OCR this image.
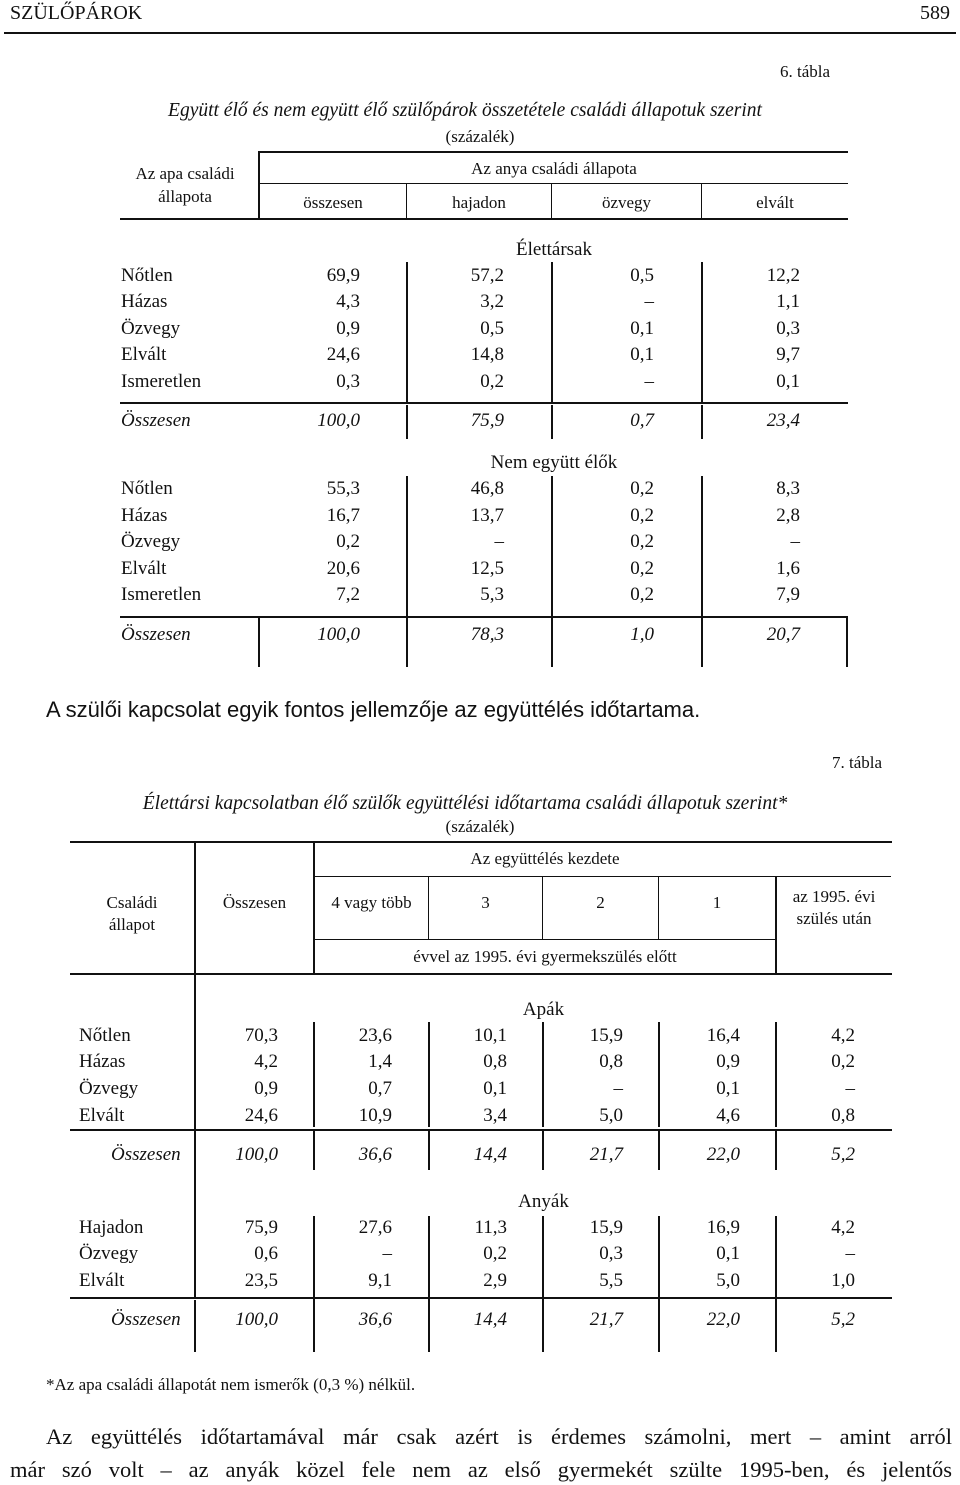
SZÜLŐPÁROK	589
6. tábla
Együtt élő és nem együtt élő szülőpárok összetétele családi állapotuk szerint
(százalék)
Az apa családi
állapota
Az anya családi állapota
összesen	hajadon	özvegy	elvált
Élettársak
Nőtlen	69,9	57,2	0,5	12,2
Házas	4,3	3,2	–	1,1
Özvegy	0,9	0,5	0,1	0,3
Elvált	24,6	14,8	0,1	9,7
Ismeretlen	0,3	0,2	–	0,1
Összesen	100,0	75,9	0,7	23,4
Nem együtt élők
Nőtlen	55,3	46,8	0,2	8,3
Házas	16,7	13,7	0,2	2,8
Özvegy	0,2	–	0,2	–
Elvált	20,6	12,5	0,2	1,6
Ismeretlen	7,2	5,3	0,2	7,9
Összesen	100,0	78,3	1,0	20,7
A szülői kapcsolat egyik fontos jellemzője az együttélés időtartama.
7. tábla
Élettársi kapcsolatban élő szülők együttélési időtartama családi állapotuk szerint*
(százalék)
Családi
állapot
Összesen
Az együttélés kezdete
4 vagy több	3	2	1	az 1995. évi
szülés után
évvel az 1995. évi gyermekszülés előtt
Apák
Nőtlen	70,3	23,6	10,1	15,9	16,4	4,2
Házas	4,2	1,4	0,8	0,8	0,9	0,2
Özvegy	0,9	0,7	0,1	–	0,1	–
Elvált	24,6	10,9	3,4	5,0	4,6	0,8
Összesen	100,0	36,6	14,4	21,7	22,0	5,2
Anyák
Hajadon	75,9	27,6	11,3	15,9	16,9	4,2
Özvegy	0,6	–	0,2	0,3	0,1	–
Elvált	23,5	9,1	2,9	5,5	5,0	1,0
Összesen	100,0	36,6	14,4	21,7	22,0	5,2
*Az apa családi állapotát nem ismerők (0,3 %) nélkül.
Az együttélés időtartamával már csak azért is érdemes számolni, mert – amint arról
már szó volt – az anyák közel fele nem az első gyermekét szülte 1995-ben, és jelentős
